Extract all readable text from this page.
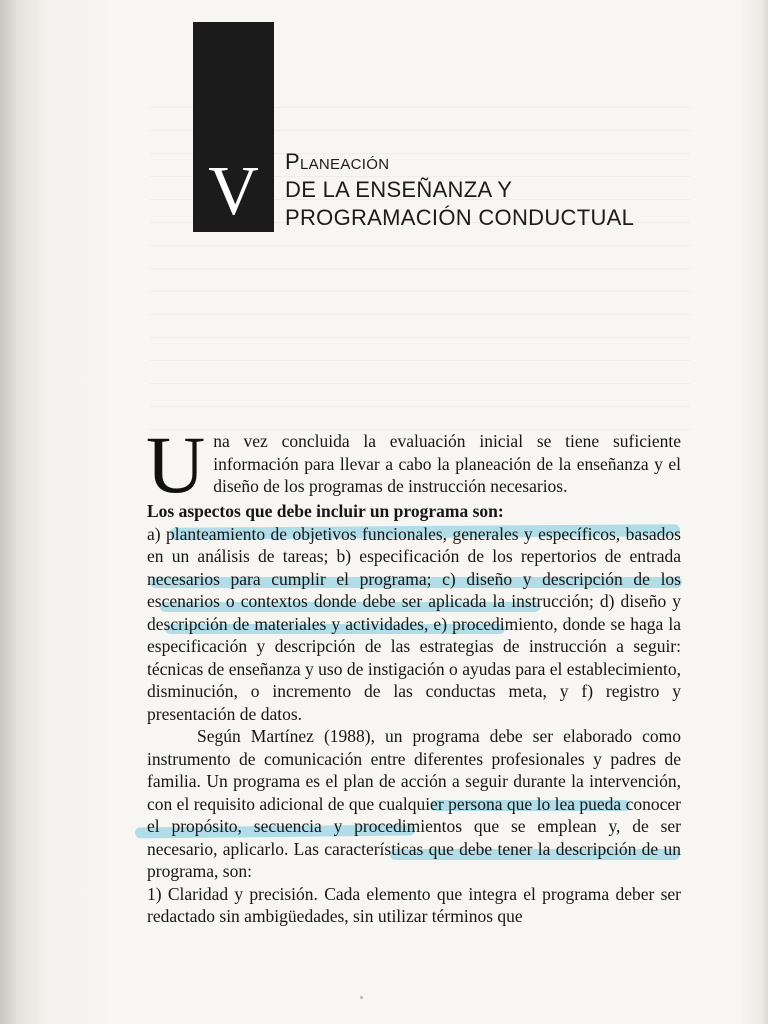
V	Planeación
DE LA ENSEÑANZA Y
PROGRAMACIÓN CONDUCTUAL

Una vez concluida la evaluación inicial se tiene suficiente información para llevar a cabo la planeación de la enseñanza y el diseño de los programas de instrucción necesarios.

Los aspectos que debe incluir un programa son:

a) planteamiento de objetivos funcionales, generales y específicos, basados en un análisis de tareas; b) especificación de los repertorios de entrada necesarios para cumplir el programa; c) diseño y descripción de los escenarios o contextos donde debe ser aplicada la instrucción; d) diseño y descripción de materiales y actividades, e) procedimiento, donde se haga la especificación y descripción de las estrategias de instrucción a seguir: técnicas de enseñanza y uso de instigación o ayudas para el establecimiento, disminución, o incremento de las conductas meta, y f) registro y presentación de datos.

Según Martínez (1988), un programa debe ser elaborado como instrumento de comunicación entre diferentes profesionales y padres de familia. Un programa es el plan de acción a seguir durante la intervención, con el requisito adicional de que cualquier persona que lo lea pueda conocer el propósito, secuencia y procedimientos que se emplean y, de ser necesario, aplicarlo. Las características que debe tener la descripción de un programa, son:

1) Claridad y precisión. Cada elemento que integra el programa deber ser redactado sin ambigüedades, sin utilizar términos que
